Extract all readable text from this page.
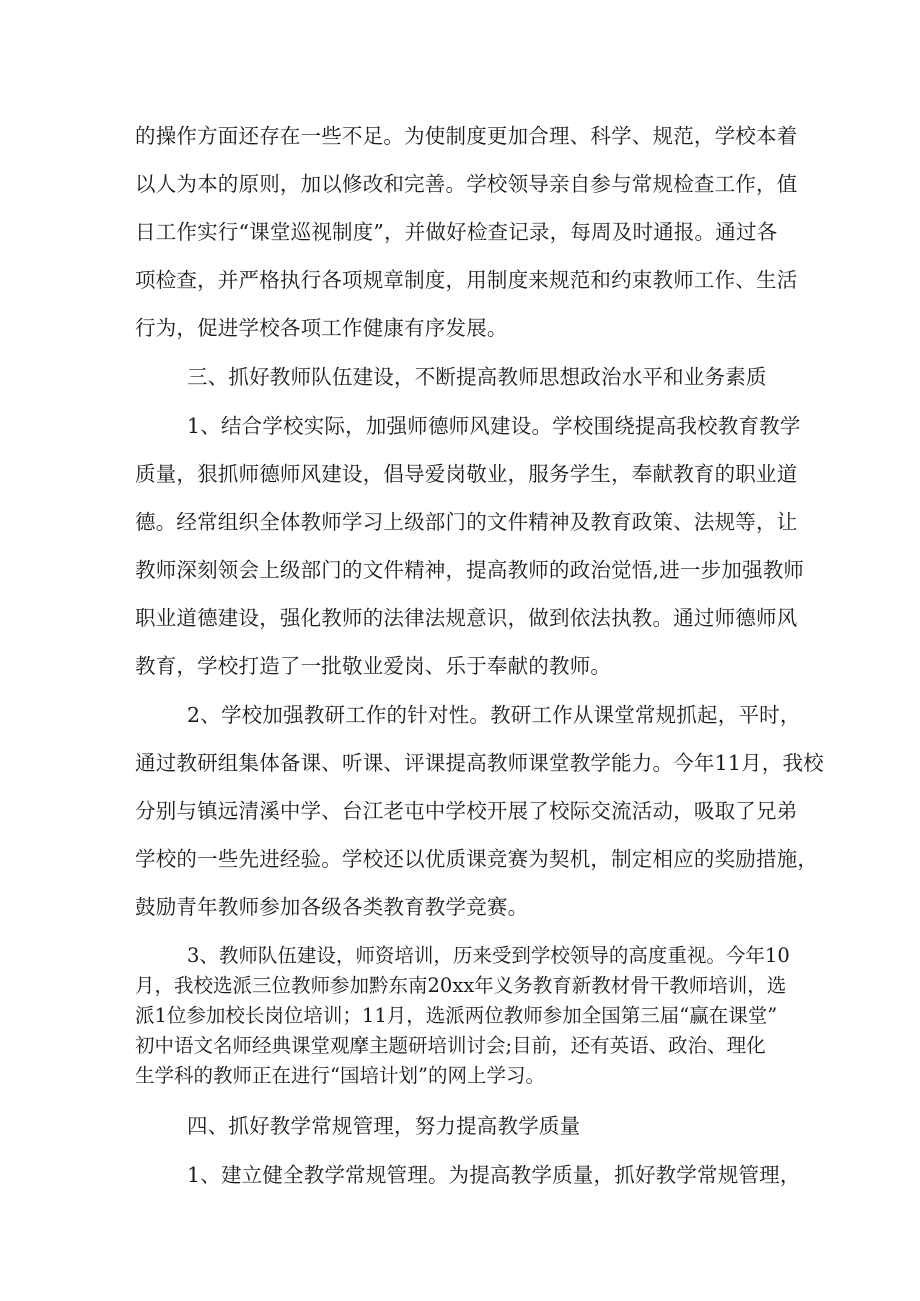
的操作方面还存在一些不足。为使制度更加合理、科学、规范，学校本着
以人为本的原则，加以修改和完善。学校领导亲自参与常规检查工作，值
日工作实行“课堂巡视制度”，并做好检查记录，每周及时通报。通过各
项检查，并严格执行各项规章制度，用制度来规范和约束教师工作、生活
行为，促进学校各项工作健康有序发展。
三、抓好教师队伍建设，不断提高教师思想政治水平和业务素质
1、结合学校实际，加强师德师风建设。学校围绕提高我校教育教学
质量，狠抓师德师风建设，倡导爱岗敬业，服务学生，奉献教育的职业道
德。经常组织全体教师学习上级部门的文件精神及教育政策、法规等，让
教师深刻领会上级部门的文件精神，提高教师的政治觉悟,进一步加强教师
职业道德建设，强化教师的法律法规意识，做到依法执教。通过师德师风
教育，学校打造了一批敬业爱岗、乐于奉献的教师。
2、学校加强教研工作的针对性。教研工作从课堂常规抓起，平时，
通过教研组集体备课、听课、评课提高教师课堂教学能力。今年11月，我校
分别与镇远清溪中学、台江老屯中学校开展了校际交流活动，吸取了兄弟
学校的一些先进经验。学校还以优质课竞赛为契机，制定相应的奖励措施，
鼓励青年教师参加各级各类教育教学竞赛。
3、教师队伍建设，师资培训，历来受到学校领导的高度重视。今年10
月，我校选派三位教师参加黔东南20xx年义务教育新教材骨干教师培训，选
派1位参加校长岗位培训；11月，选派两位教师参加全国第三届“赢在课堂”
初中语文名师经典课堂观摩主题研培训讨会;目前，还有英语、政治、理化
生学科的教师正在进行“国培计划”的网上学习。
四、抓好教学常规管理，努力提高教学质量
1、建立健全教学常规管理。为提高教学质量，抓好教学常规管理，
